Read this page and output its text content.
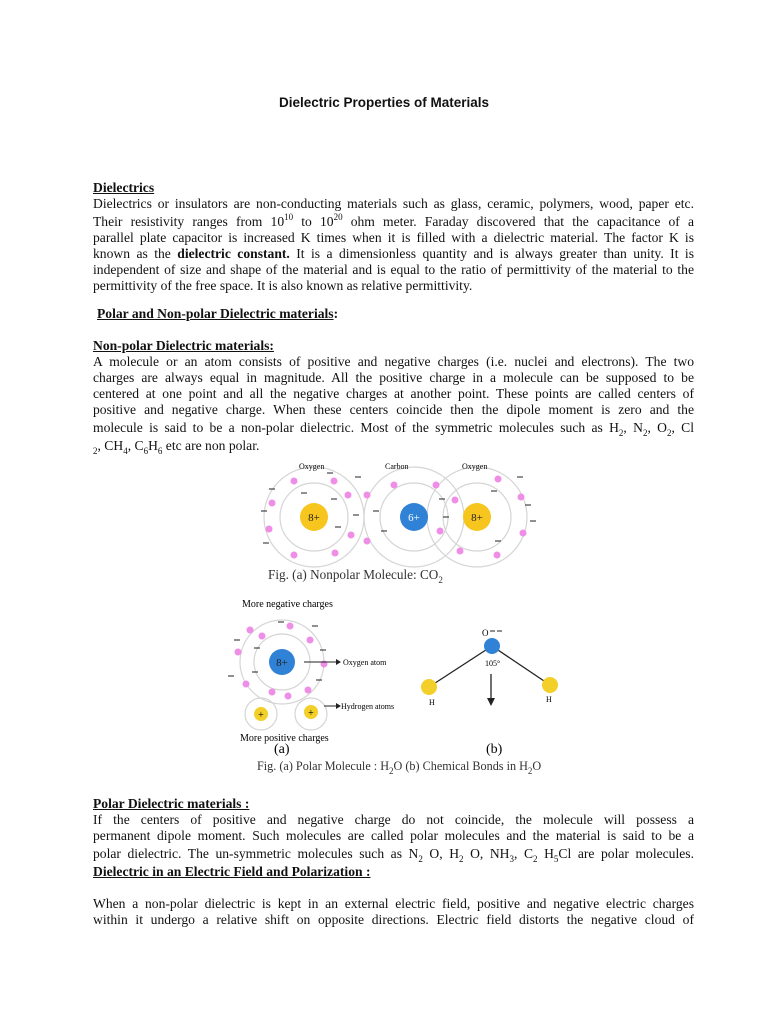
Dielectric Properties of Materials
Dielectrics
Dielectrics or insulators are non-conducting materials such as glass, ceramic, polymers, wood, paper etc.
Their resistivity ranges from $10^{10}$ to $10^{20}$ ohm meter. Faraday discovered that the capacitance of a
parallel plate capacitor is increased K times when it is filled with a dielectric material. The factor K is
known as the dielectric constant. It is a dimensionless quantity and is always greater than unity. It is
independent of size and shape of the material and is equal to the ratio of permittivity of the material to the
permittivity of the free space. It is also known as relative permittivity.
Polar and Non-polar Dielectric materials:
Non-polar Dielectric materials:
A molecule or an atom consists of positive and negative charges (i.e. nuclei and electrons). The two
charges are always equal in magnitude. All the positive charge in a molecule can be supposed to be
centered at one point and all the negative charges at another point. These points are called centers of
positive and negative charge. When these centers coincide then the dipole moment is zero and the
molecule is said to be a non-polar dielectric. Most of the symmetric molecules such as $H_2$, $N_2$, $O_2$, Cl
$_2$, $CH_4$, $C_6H_6$ etc are non polar.
Oxygen	Carbon	Oxygen
8+	6+	8+
Fig. (a) Nonpolar Molecule: $CO_2$
More negative charges
8+	Oxygen atom
+	+
Hydrogen atoms
More positive charges
(a)
O
105°
H	H
(b)
Fig. (a) Polar Molecule : $H_2O$ (b) Chemical Bonds in $H_2O$
Polar Dielectric materials :
If the centers of positive and negative charge do not coincide, the molecule will possess a
permanent dipole moment. Such molecules are called polar molecules and the material is said to be a
polar dielectric. The un-symmetric molecules such as $N_2$ O, $H_2$ O, $NH_3$, $C_2$ $H_5Cl$ are polar molecules.
Dielectric in an Electric Field and Polarization :
When a non-polar dielectric is kept in an external electric field, positive and negative electric charges
within it undergo a relative shift on opposite directions. Electric field distorts the negative cloud of
